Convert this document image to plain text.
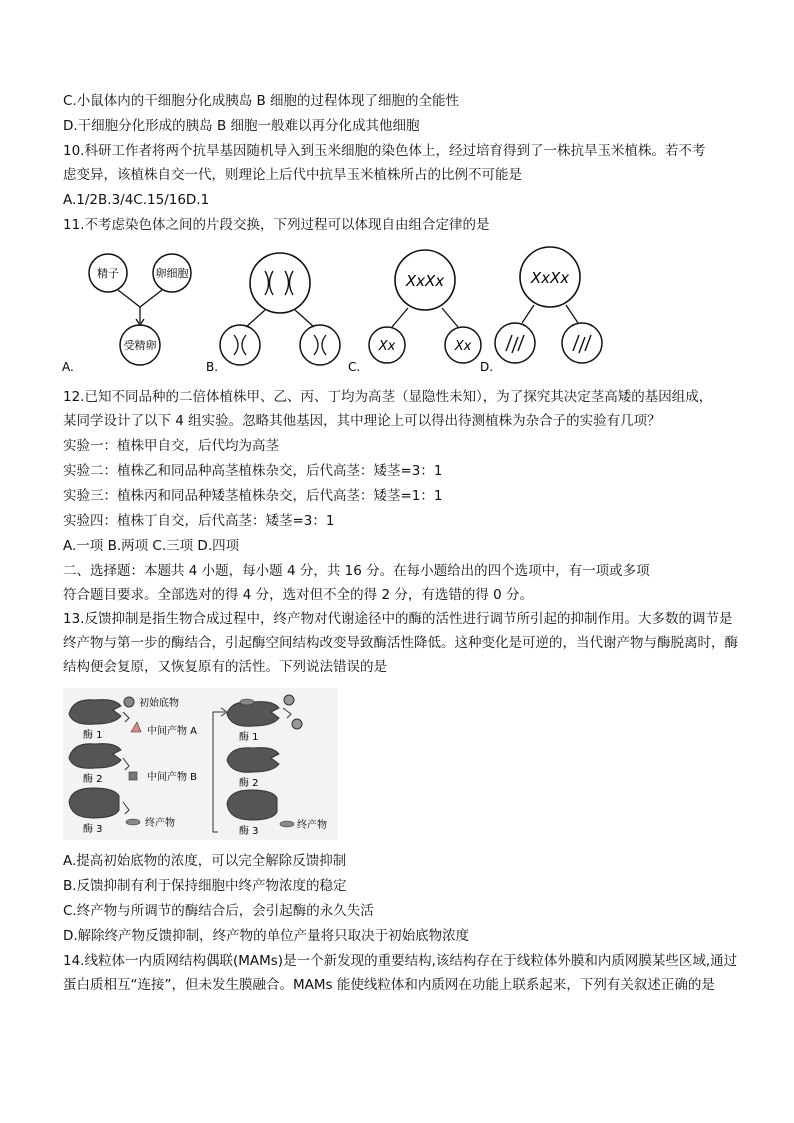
C.小鼠体内的干细胞分化成胰岛 B 细胞的过程体现了细胞的全能性
D.干细胞分化形成的胰岛 B 细胞一般难以再分化成其他细胞
10.科研工作者将两个抗旱基因随机导入到玉米细胞的染色体上，经过培育得到了一株抗旱玉米植株。若不考
虑变异，该植株自交一代，则理论上后代中抗旱玉米植株所占的比例不可能是
A.1/2B.3/4C.15/16D.1
11.不考虑染色体之间的片段交换，下列过程可以体现自由组合定律的是
精子	卵细胞
受精卵
A.	B.
XxXx
Xx	Xx
C.
XxXx
D.
12.已知不同品种的二倍体植株甲、乙、丙、丁均为高茎（显隐性未知），为了探究其决定茎高矮的基因组成，
某同学设计了以下 4 组实验。忽略其他基因，其中理论上可以得出待测植株为杂合子的实验有几项？
实验一：植株甲自交，后代均为高茎
实验二：植株乙和同品种高茎植株杂交，后代高茎：矮茎=3：1
实验三：植株丙和同品种矮茎植株杂交，后代高茎：矮茎=1：1
实验四：植株丁自交，后代高茎：矮茎=3：1
A.一项 B.两项 C.三项 D.四项
二、选择题：本题共 4 小题，每小题 4 分，共 16 分。在每小题给出的四个选项中，有一项或多项
符合题目要求。全部选对的得 4 分，选对但不全的得 2 分，有选错的得 0 分。
13.反馈抑制是指生物合成过程中，终产物对代谢途径中的酶的活性进行调节所引起的抑制作用。大多数的调节是终产物与第一步的酶结合，引起酶空间结构改变导致酶活性降低。这种变化是可逆的，当代谢产物与酶脱离时，酶结构便会复原，又恢复原有的活性。下列说法错误的是
酶 1
初始底物
中间产物 A
酶 2	中间产物 B
酶 3
终产物
酶 1
酶 2
酶 3
终产物
A.提高初始底物的浓度，可以完全解除反馈抑制
B.反馈抑制有利于保持细胞中终产物浓度的稳定
C.终产物与所调节的酶结合后，会引起酶的永久失活
D.解除终产物反馈抑制，终产物的单位产量将只取决于初始底物浓度
14.线粒体一内质网结构偶联(MAMs)是一个新发现的重要结构,该结构存在于线粒体外膜和内质网膜某些区域,通过蛋白质相互“连接”，但未发生膜融合。MAMs 能使线粒体和内质网在功能上联系起来，下列有关叙述正确的是
